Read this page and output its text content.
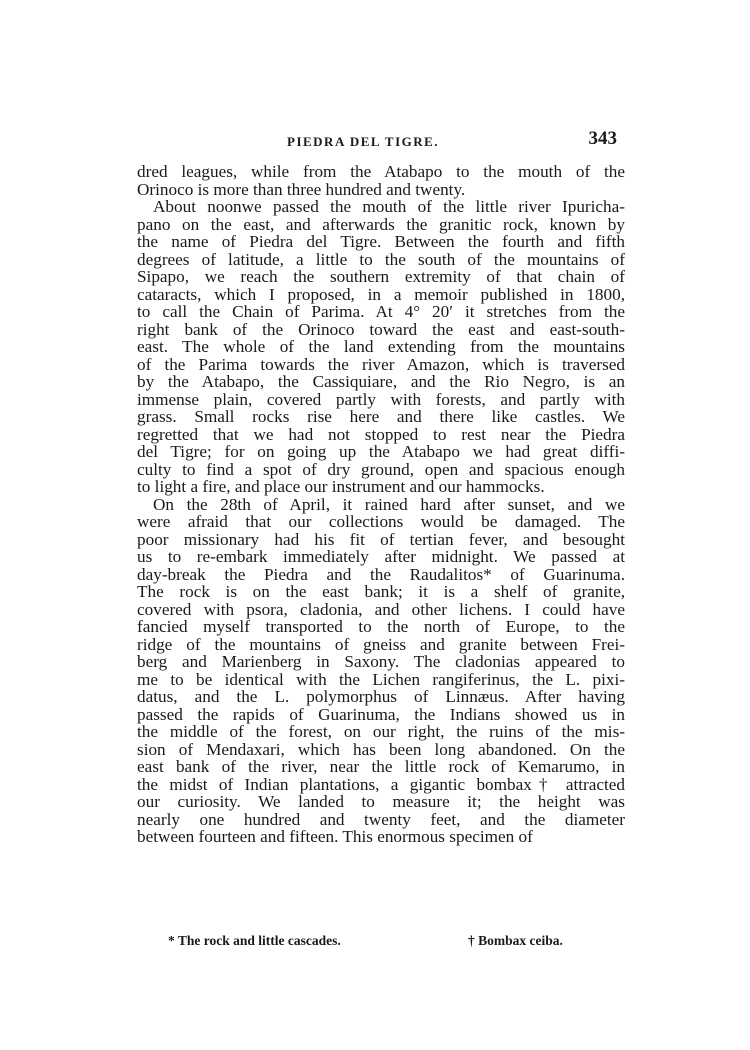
PIEDRA DEL TIGRE.	343
dred leagues, while from the Atabapo to the mouth of the
Orinoco is more than three hundred and twenty.
About noonwe passed the mouth of the little river Ipuricha-
pano on the east, and afterwards the granitic rock, known by
the name of Piedra del Tigre. Between the fourth and fifth
degrees of latitude, a little to the south of the mountains of
Sipapo, we reach the southern extremity of that chain of
cataracts, which I proposed, in a memoir published in 1800,
to call the Chain of Parima. At 4° 20′ it stretches from the
right bank of the Orinoco toward the east and east-south-
east. The whole of the land extending from the mountains
of the Parima towards the river Amazon, which is traversed
by the Atabapo, the Cassiquiare, and the Rio Negro, is an
immense plain, covered partly with forests, and partly with
grass. Small rocks rise here and there like castles. We
regretted that we had not stopped to rest near the Piedra
del Tigre; for on going up the Atabapo we had great diffi-
culty to find a spot of dry ground, open and spacious enough
to light a fire, and place our instrument and our hammocks.
On the 28th of April, it rained hard after sunset, and we
were afraid that our collections would be damaged. The
poor missionary had his fit of tertian fever, and besought
us to re-embark immediately after midnight. We passed at
day-break the Piedra and the Raudalitos* of Guarinuma.
The rock is on the east bank; it is a shelf of granite,
covered with psora, cladonia, and other lichens. I could have
fancied myself transported to the north of Europe, to the
ridge of the mountains of gneiss and granite between Frei-
berg and Marienberg in Saxony. The cladonias appeared to
me to be identical with the Lichen rangiferinus, the L. pixi-
datus, and the L. polymorphus of Linnæus. After having
passed the rapids of Guarinuma, the Indians showed us in
the middle of the forest, on our right, the ruins of the mis-
sion of Mendaxari, which has been long abandoned. On the
east bank of the river, near the little rock of Kemarumo, in
the midst of Indian plantations, a gigantic bombax† attracted
our curiosity. We landed to measure it; the height was
nearly one hundred and twenty feet, and the diameter
between fourteen and fifteen. This enormous specimen of
* The rock and little cascades.	† Bombax ceiba.
